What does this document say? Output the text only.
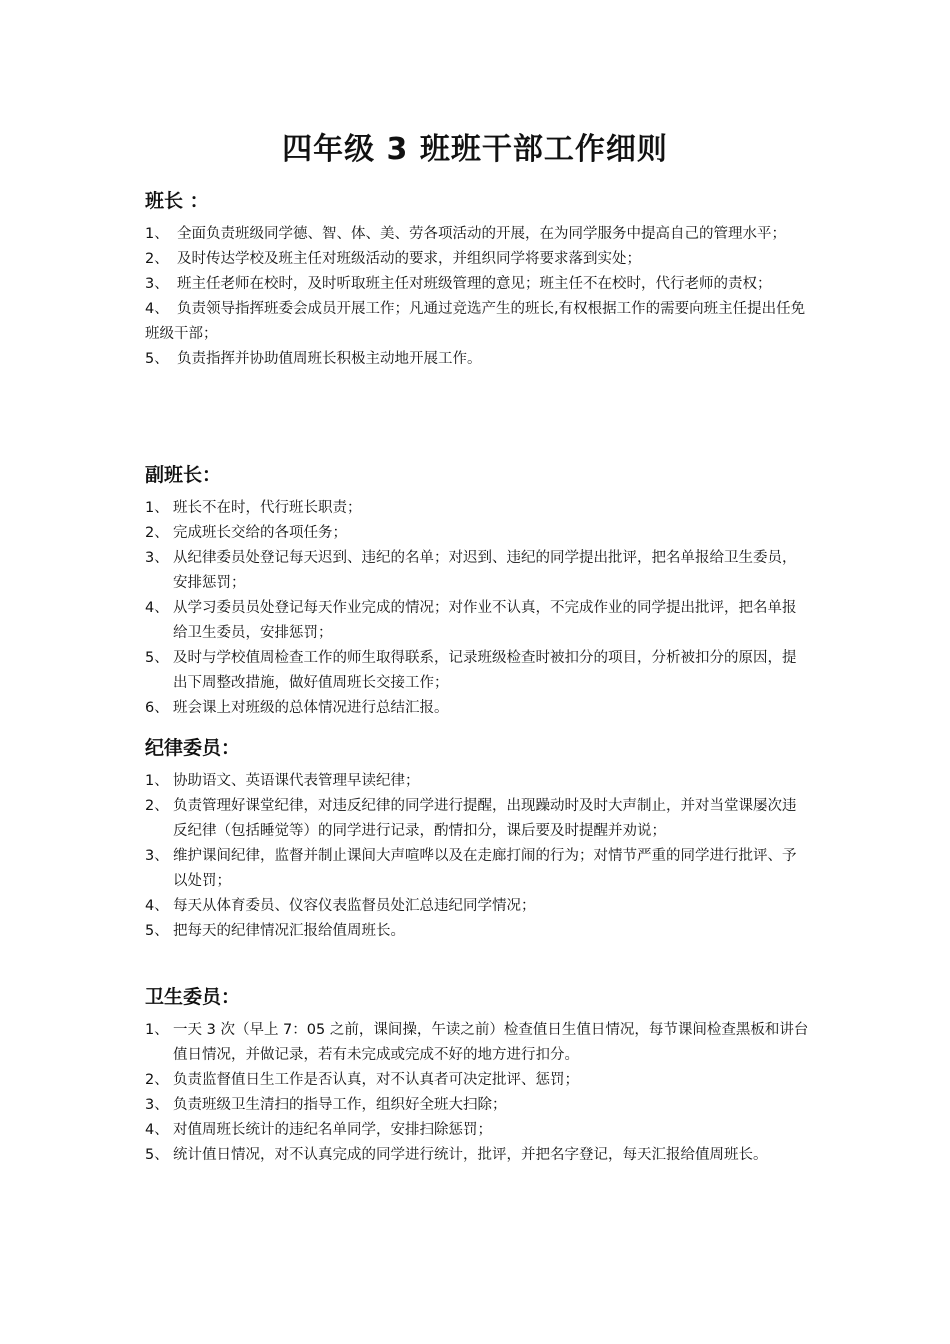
四年级 3 班班干部工作细则
班长 ：

1、 全面负责班级同学德、智、体、美、劳各项活动的开展，在为同学服务中提高自己的管理水平；

2、 及时传达学校及班主任对班级活动的要求，并组织同学将要求落到实处；

3、 班主任老师在校时，及时听取班主任对班级管理的意见；班主任不在校时，代行老师的责权；

4、 负责领导指挥班委会成员开展工作；凡通过竞选产生的班长,有权根据工作的需要向班主任提出任免班级干部；

5、 负责指挥并协助值周班长积极主动地开展工作。

副班长：

1、 班长不在时，代行班长职责；

2、 完成班长交给的各项任务；

3、 从纪律委员处登记每天迟到、违纪的名单；对迟到、违纪的同学提出批评，把名单报给卫生委员，安排惩罚；

4、 从学习委员员处登记每天作业完成的情况；对作业不认真，不完成作业的同学提出批评，把名单报给卫生委员，安排惩罚；

5、 及时与学校值周检查工作的师生取得联系，记录班级检查时被扣分的项目，分析被扣分的原因，提出下周整改措施，做好值周班长交接工作；

6、 班会课上对班级的总体情况进行总结汇报。

纪律委员：

1、 协助语文、英语课代表管理早读纪律；

2、 负责管理好课堂纪律，对违反纪律的同学进行提醒，出现躁动时及时大声制止，并对当堂课屡次违反纪律（包括睡觉等）的同学进行记录，酌情扣分，课后要及时提醒并劝说；

3、 维护课间纪律，监督并制止课间大声喧哗以及在走廊打闹的行为；对情节严重的同学进行批评、予以处罚；

4、 每天从体育委员、仪容仪表监督员处汇总违纪同学情况；

5、 把每天的纪律情况汇报给值周班长。

卫生委员：

1、 一天 3 次（早上 7：05 之前，课间操，午读之前）检查值日生值日情况，每节课间检查黑板和讲台值日情况，并做记录，若有未完成或完成不好的地方进行扣分。

2、 负责监督值日生工作是否认真，对不认真者可决定批评、惩罚；

3、 负责班级卫生清扫的指导工作，组织好全班大扫除；

4、 对值周班长统计的违纪名单同学，安排扫除惩罚；

5、 统计值日情况，对不认真完成的同学进行统计，批评，并把名字登记，每天汇报给值周班长。
